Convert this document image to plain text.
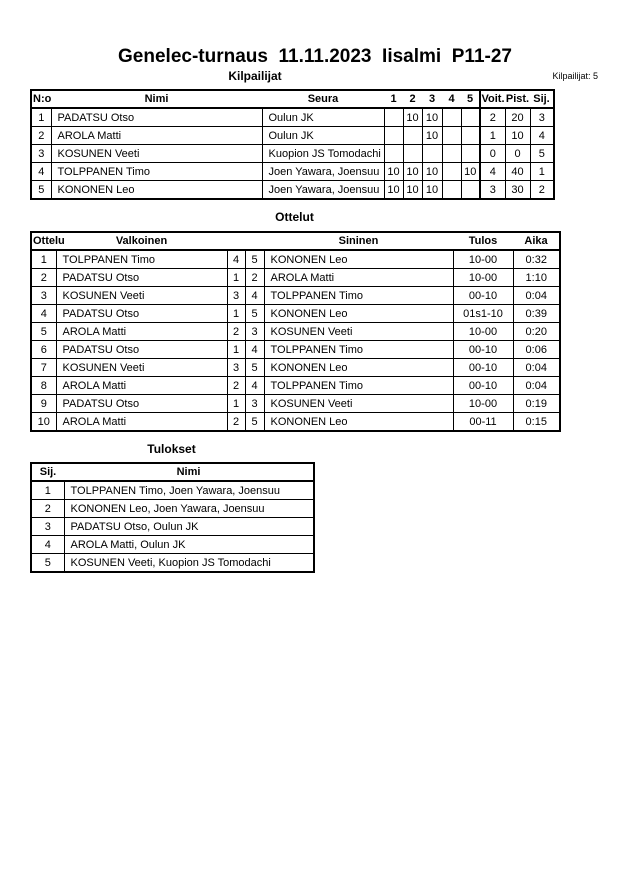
Genelec-turnaus  11.11.2023  Iisalmi  P11-27
Kilpailijat	Kilpailijat: 5
N:o	Nimi	Seura	1	2	3	4	5	Voit.	Pist.	Sij.
1	PADATSU Otso	Oulun JK		10	10			2	20	3
2	AROLA Matti	Oulun JK			10			1	10	4
3	KOSUNEN Veeti	Kuopion JS Tomodachi						0	0	5
4	TOLPPANEN Timo	Joen Yawara, Joensuu	10	10	10		10	4	40	1
5	KONONEN Leo	Joen Yawara, Joensuu	10	10	10			3	30	2
Ottelut
Ottelu	Valkoinen			Sininen	Tulos	Aika
1	TOLPPANEN Timo	4	5	KONONEN Leo	10-00	0:32
2	PADATSU Otso	1	2	AROLA Matti	10-00	1:10
3	KOSUNEN Veeti	3	4	TOLPPANEN Timo	00-10	0:04
4	PADATSU Otso	1	5	KONONEN Leo	01s1-10	0:39
5	AROLA Matti	2	3	KOSUNEN Veeti	10-00	0:20
6	PADATSU Otso	1	4	TOLPPANEN Timo	00-10	0:06
7	KOSUNEN Veeti	3	5	KONONEN Leo	00-10	0:04
8	AROLA Matti	2	4	TOLPPANEN Timo	00-10	0:04
9	PADATSU Otso	1	3	KOSUNEN Veeti	10-00	0:19
10	AROLA Matti	2	5	KONONEN Leo	00-11	0:15
Tulokset
Sij.	Nimi
1	TOLPPANEN Timo, Joen Yawara, Joensuu
2	KONONEN Leo, Joen Yawara, Joensuu
3	PADATSU Otso, Oulun JK
4	AROLA Matti, Oulun JK
5	KOSUNEN Veeti, Kuopion JS Tomodachi
